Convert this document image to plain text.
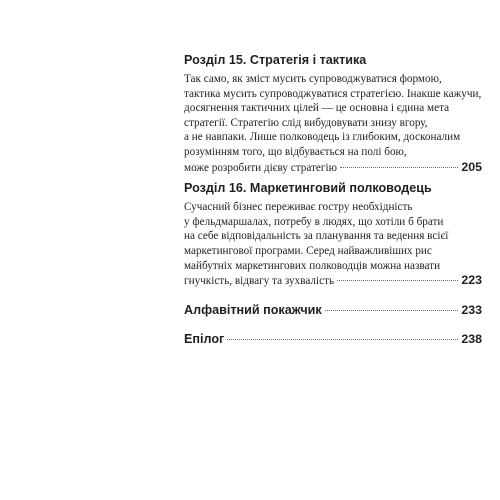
Розділ 15. Стратегія і тактика
Так само, як зміст мусить супроводжуватися формою,
тактика мусить супроводжуватися стратегією. Інакше кажучи,
досягнення тактичних цілей — це основна і єдина мета
стратегії. Стратегію слід вибудовувати знизу вгору,
а не навпаки. Лише полководець із глибоким, досконалим
розумінням того, що відбувається на полі бою,
може розробити дієву стратегію	205
Розділ 16. Маркетинговий полководець
Сучасний бізнес переживає гостру необхідність
у фельдмаршалах, потребу в людях, що хотіли б брати
на себе відповідальність за планування та ведення всієї
маркетингової програми. Серед найважливіших рис
майбутніх маркетингових полководців можна назвати
гнучкість, відвагу та зухвалість	223
Алфавітний покажчик	233
Епілог	238
